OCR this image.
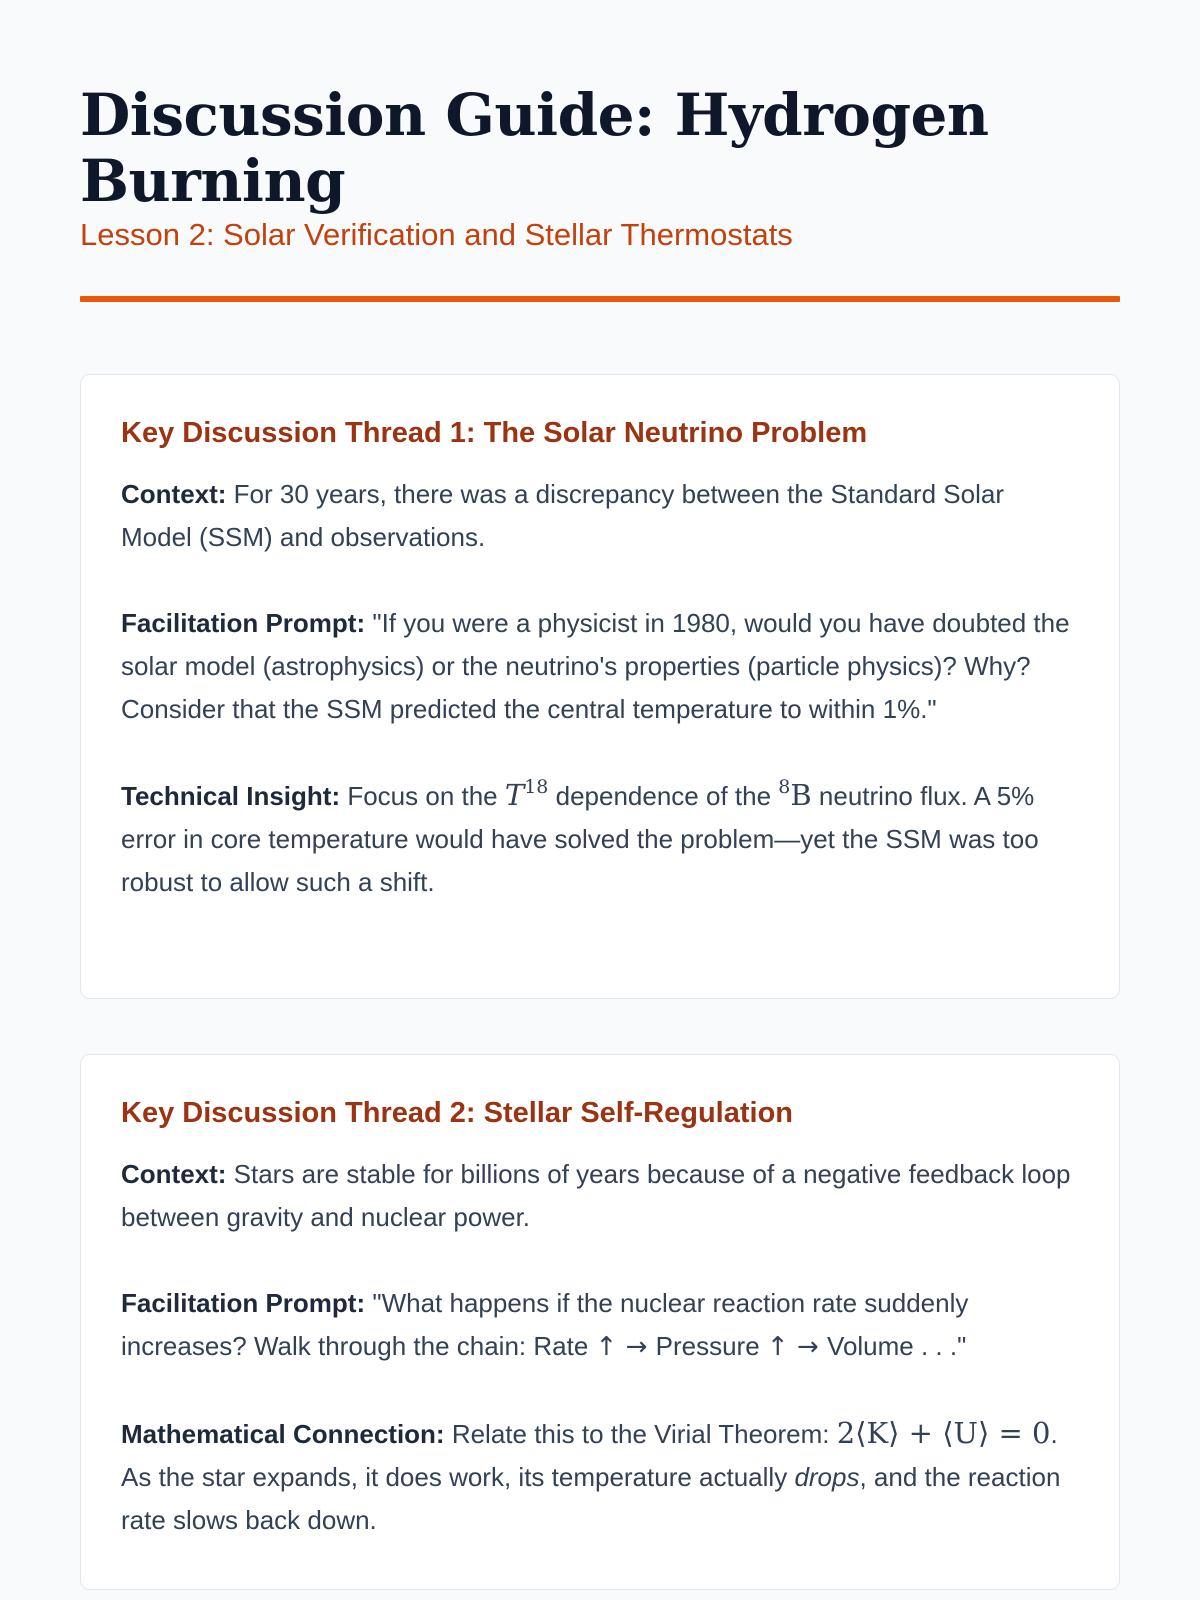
Discussion Guide: Hydrogen Burning
Lesson 2: Solar Verification and Stellar Thermostats
Key Discussion Thread 1: The Solar Neutrino Problem

Context: For 30 years, there was a discrepancy between the Standard Solar Model (SSM) and observations.

Facilitation Prompt: "If you were a physicist in 1980, would you have doubted the solar model (astrophysics) or the neutrino's properties (particle physics)? Why? Consider that the SSM predicted the central temperature to within 1%."

Technical Insight: Focus on the $T^{18}$ dependence of the $^8$B neutrino flux. A 5% error in core temperature would have solved the problem—yet the SSM was too robust to allow such a shift.

Key Discussion Thread 2: Stellar Self-Regulation

Context: Stars are stable for billions of years because of a negative feedback loop between gravity and nuclear power.

Facilitation Prompt: "What happens if the nuclear reaction rate suddenly increases? Walk through the chain: Rate ↑ → Pressure ↑ → Volume . . ."

Mathematical Connection: Relate this to the Virial Theorem: 2⟨K⟩ + ⟨U⟩ = 0. As the star expands, it does work, its temperature actually drops, and the reaction rate slows back down.
